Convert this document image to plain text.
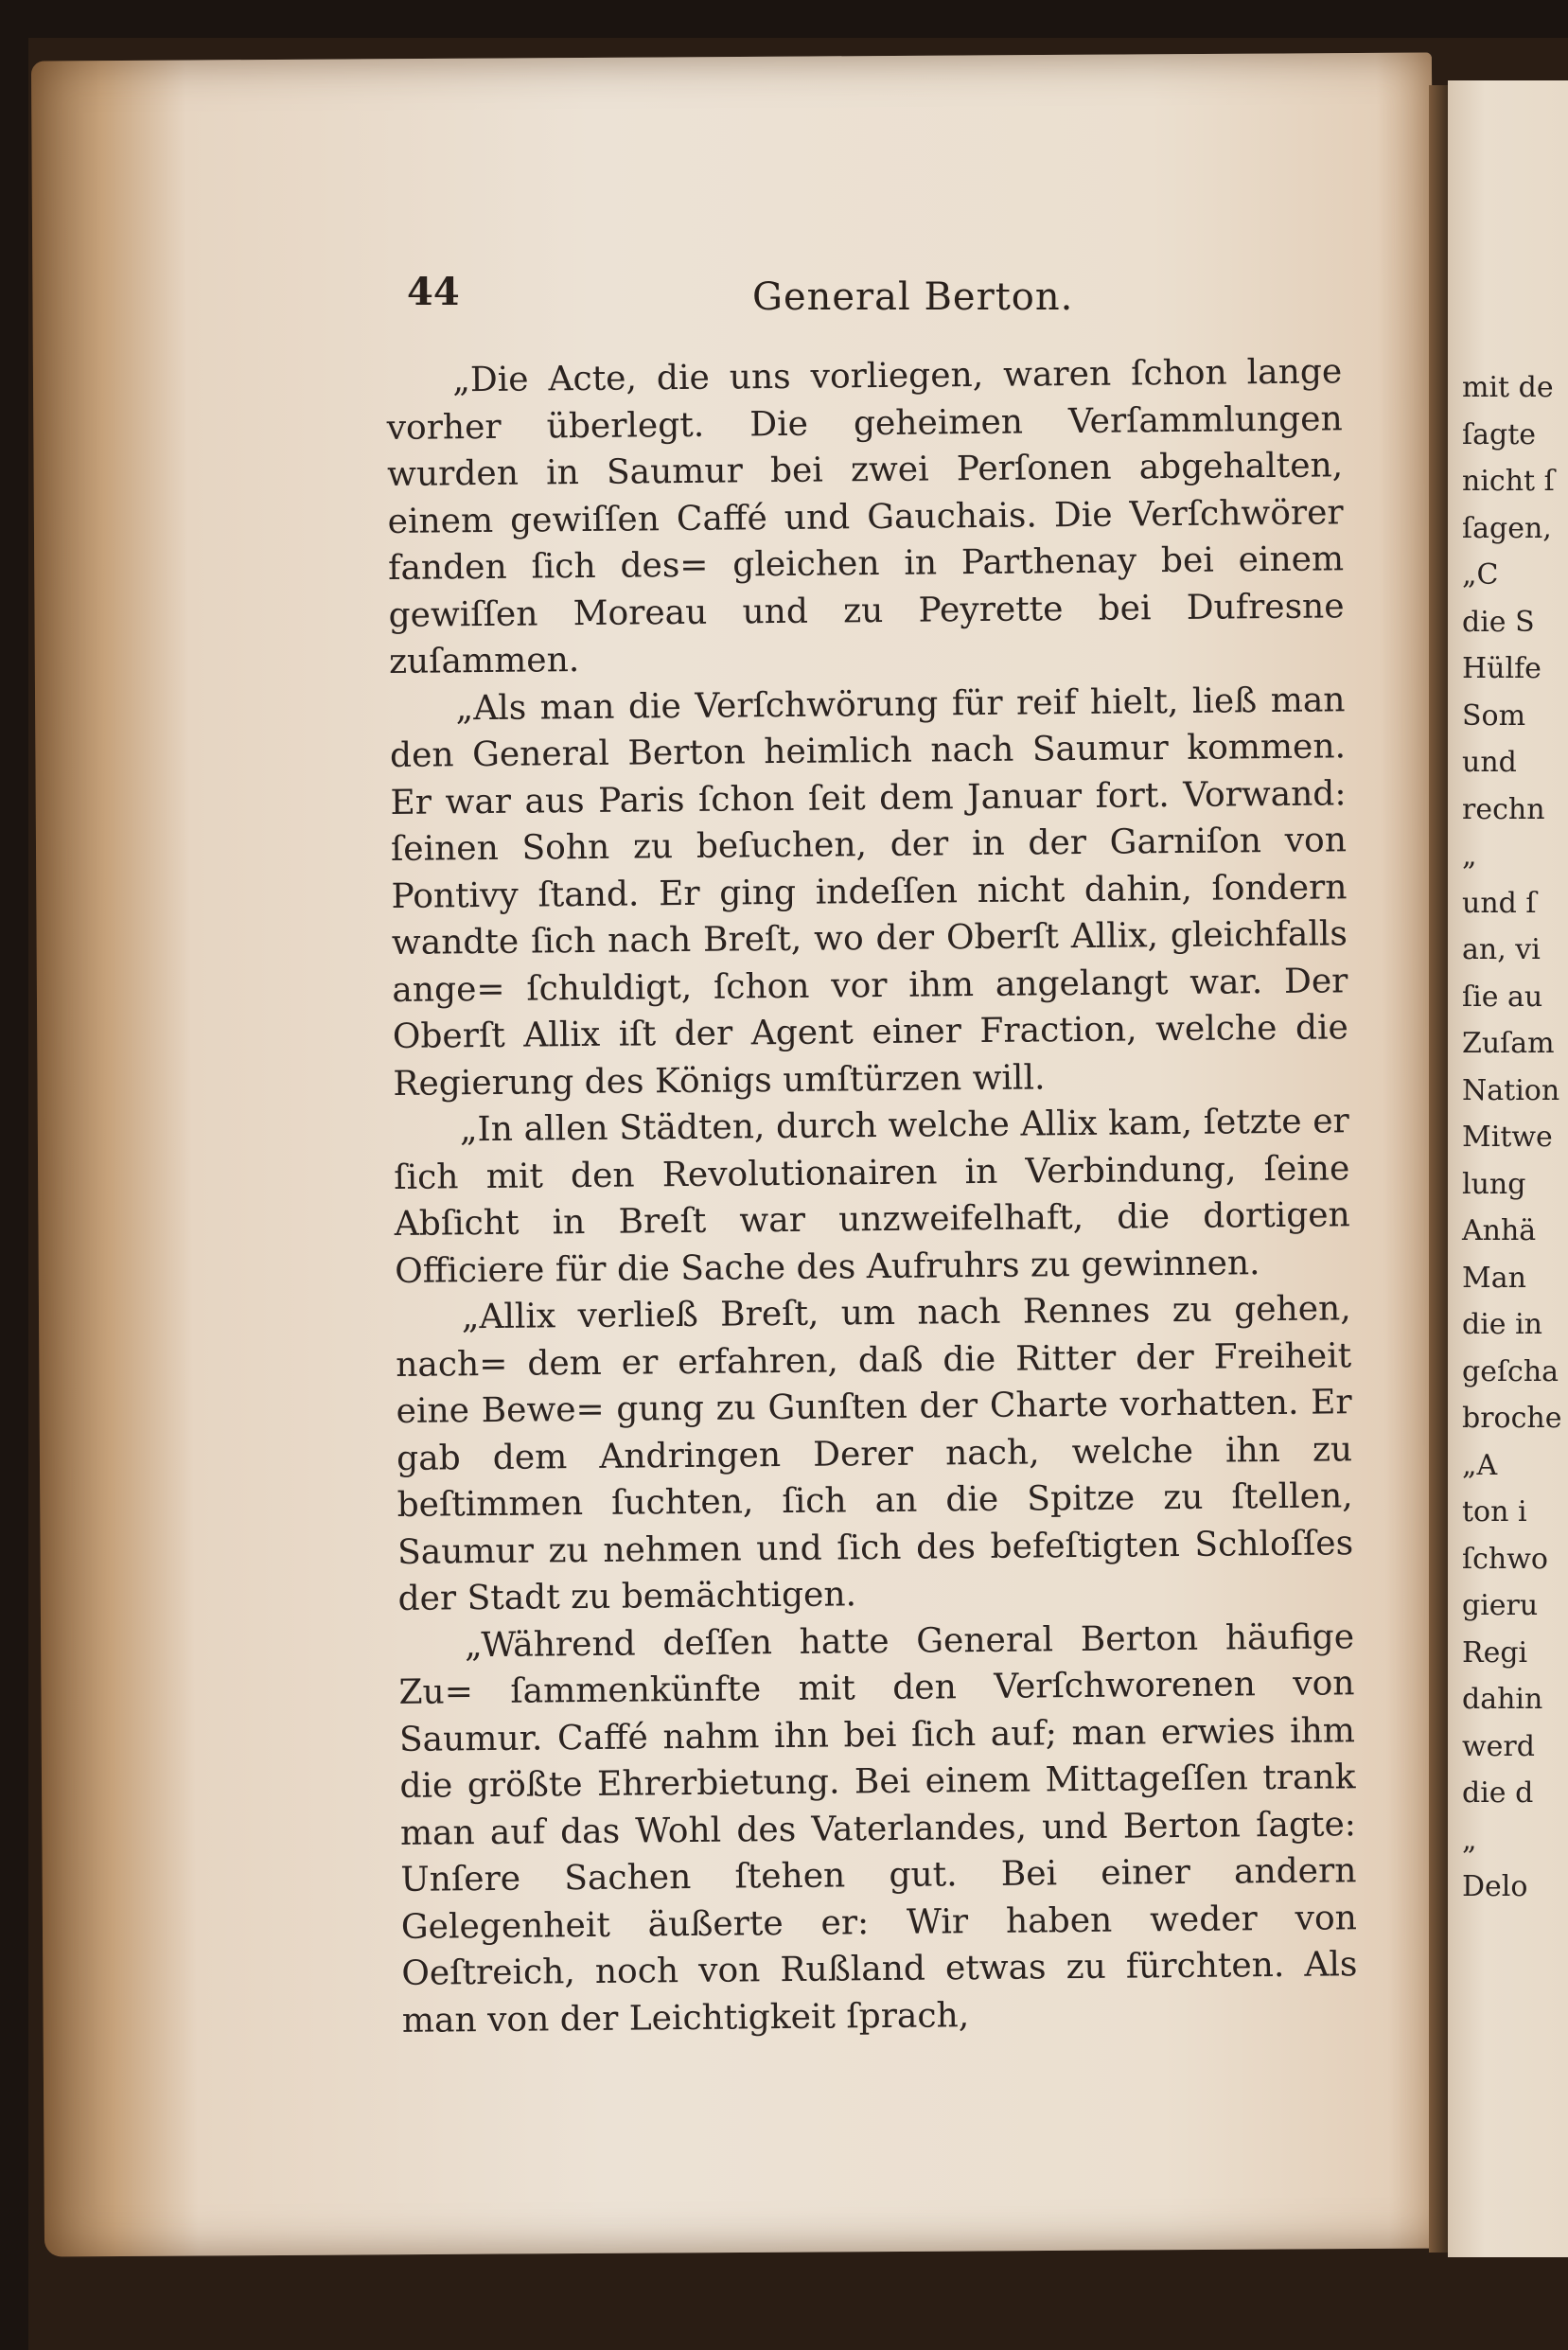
mit de
ſagte
nicht ſ
ſagen,
„C
die S
Hülfe
Som
und
rechn
„
und ſ
an, vi
ſie au
Zuſam
Nation
Mitwe
lung
Anhä
Man
die in
geſcha
broche
„A
ton i
ſchwo
gieru
Regi
dahin
werd
die d
„
Delo
44	General Berton.

„Die Acte, die uns vorliegen, waren ſchon lange vorher überlegt. Die geheimen Verſammlungen wurden in Saumur bei zwei Perſonen abgehalten, einem gewiſſen Caffé und Gauchais. Die Verſchwörer fanden ſich des= gleichen in Parthenay bei einem gewiſſen Moreau und zu Peyrette bei Dufresne zuſammen.

„Als man die Verſchwörung für reif hielt, ließ man den General Berton heimlich nach Saumur kommen. Er war aus Paris ſchon ſeit dem Januar fort. Vorwand: ſeinen Sohn zu beſuchen, der in der Garniſon von Pontivy ſtand. Er ging indeſſen nicht dahin, ſondern wandte ſich nach Breſt, wo der Oberſt Allix, gleichfalls ange= ſchuldigt, ſchon vor ihm angelangt war. Der Oberſt Allix iſt der Agent einer Fraction, welche die Regierung des Königs umſtürzen will.

„In allen Städten, durch welche Allix kam, ſetzte er ſich mit den Revolutionairen in Verbindung, ſeine Abſicht in Breſt war unzweifelhaft, die dortigen Officiere für die Sache des Aufruhrs zu gewinnen.

„Allix verließ Breſt, um nach Rennes zu gehen, nach= dem er erfahren, daß die Ritter der Freiheit eine Bewe= gung zu Gunſten der Charte vorhatten. Er gab dem Andringen Derer nach, welche ihn zu beſtimmen ſuchten, ſich an die Spitze zu ſtellen, Saumur zu nehmen und ſich des befeſtigten Schloſſes der Stadt zu bemächtigen.

„Während deſſen hatte General Berton häufige Zu= ſammenkünfte mit den Verſchworenen von Saumur. Caffé nahm ihn bei ſich auf; man erwies ihm die größte Ehrerbietung. Bei einem Mittageſſen trank man auf das Wohl des Vaterlandes, und Berton ſagte: Unſere Sachen ſtehen gut. Bei einer andern Gelegenheit äußerte er: Wir haben weder von Oeſtreich, noch von Rußland etwas zu fürchten. Als man von der Leichtigkeit ſprach,
